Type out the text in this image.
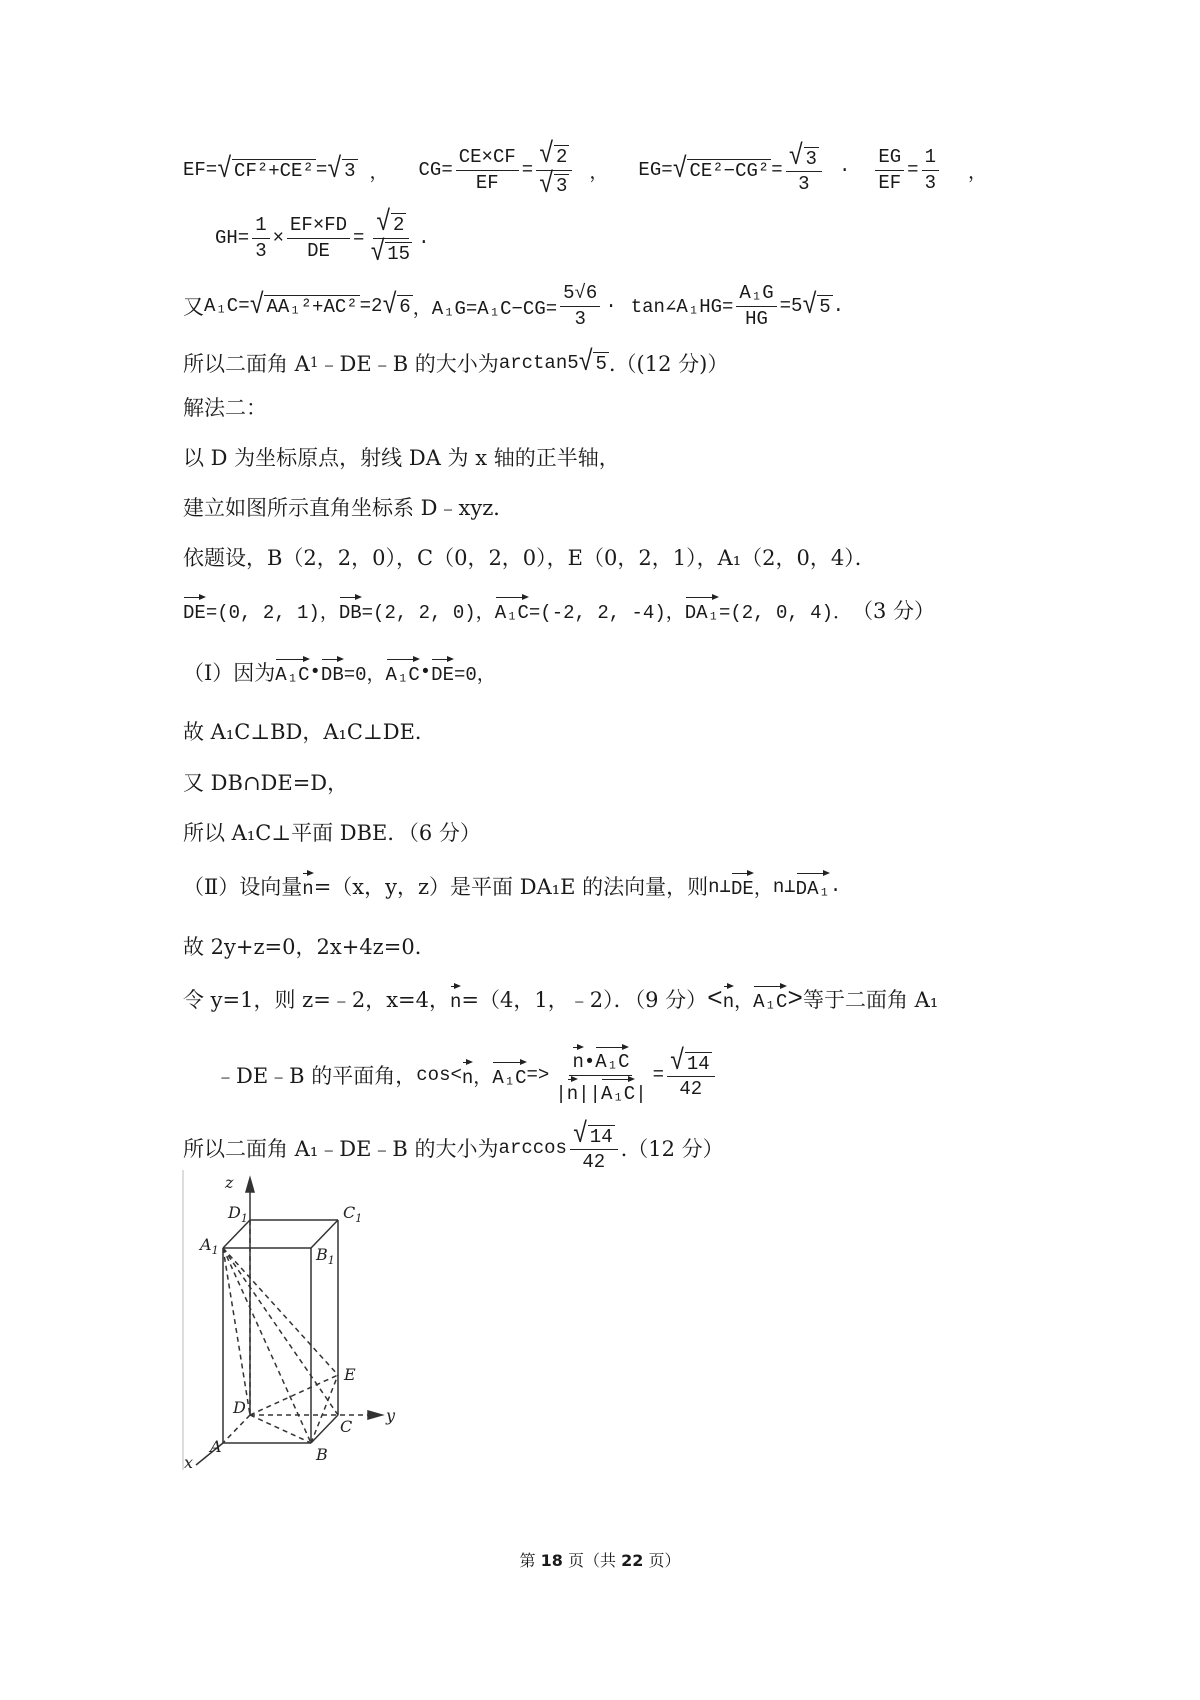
EF= √ CF²+CE² = √ 3 ， $CG= \frac{CE\times CF}{EF} = \frac{√ 2}{√ 3}$ ， EG= √ $CE^2-CG^2 = \frac{√ 3}{3} \cdot \frac{EG}{EF} = \frac{1}{3}$ ，
$GH= \frac{1}{3} \times \frac{EF\times FD}{DE} = \frac{√ 2}{√ 15}$ .
又 A₁C= √ AA₁²+AC² =2 √ 6 ，$A_1G=A_1C-CG= \frac{5√6}{3}$ · tan∠A₁HG= $\frac{\text{A₁G}}{HG} =5$ √ 5 .
所以二面角 A 1 ﹣DE﹣B 的大小为 arctan5 √ 5 .（(12 分)）
解法二：
以 D 为坐标原点，射线 DA 为 x 轴的正半轴，
建立如图所示直角坐标系 D﹣xyz．
依题设，B（2，2，0），C（0，2，0），E（0，2，1），A₁（2，0，4）．
DE =(0, 2, 1)， DB =(2, 2, 0)， A₁C =(-2, 2, -4)， DA₁ =(2, 0, 4)． （3 分）
（Ⅰ）因为 A₁C • DB =0， A₁C • DE =0，
故 A₁C⊥BD，A₁C⊥DE．
又 DB∩DE=D，
所以 A₁C⊥平面 DBE．（6 分）
（Ⅱ）设向量 n =（x，y，z）是平面 DA₁E 的法向量，则 n⊥ DE ， n⊥ DA₁ .
故 2y+z=0，2x+4z=0．
令 y=1，则 z=﹣2，x=4， n =（4，1，﹣2）．（9 分） < n ， A₁C > 等于二面角 A₁
﹣DE﹣B 的平面角， cos< n ， $A_1C => \frac{\text{n•A₁C}}{\text{|n||A₁C|}} = \frac{√ 14}{42}$
所以二面角 A₁﹣DE﹣B 的大小为 $\arccos \frac{√ 14}{42} .(12$ 分）
z
y
x
$D_1$	$C_1$
$A_1$	$B_1$
E
D
C
A	B
第 18 页（共 22 页）
